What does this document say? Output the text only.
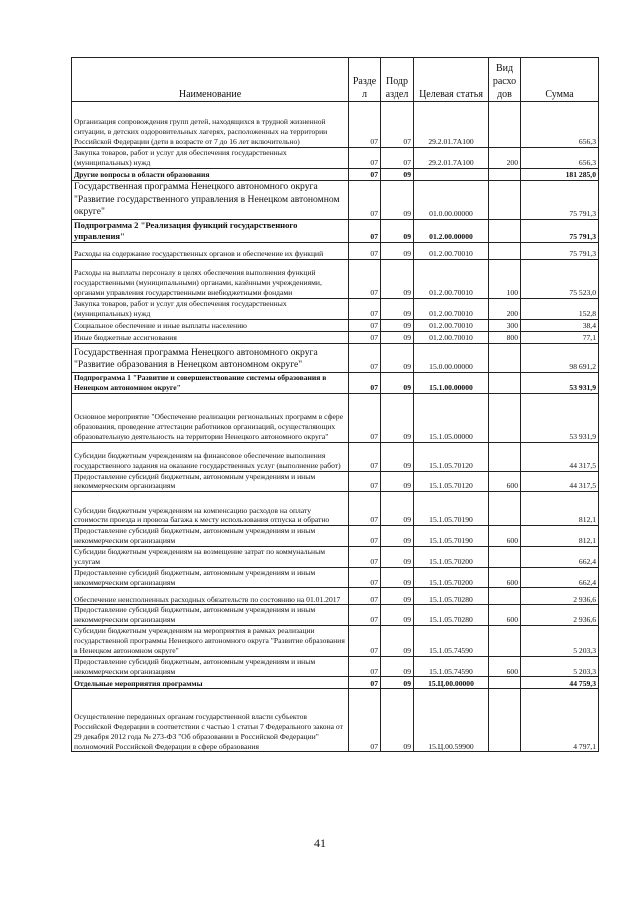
Наименование	Разде л	Подр аздел	Целевая статья	Вид расхо дов	Сумма
Организация сопровождения групп детей, находящихся в трудной жизненной ситуации, в детских оздоровительных лагерях, расположенных на территории Российской Федерации (дети в возрасте от 7 до 16 лет включительно)	07	07	29.2.01.7А100		656,3
Закупка товаров, работ и услуг для обеспечения государственных (муниципальных) нужд	07	07	29.2.01.7А100	200	656,3
Другие вопросы в области образования	07	09			181 285,0
Государственная программа Ненецкого автономного округа "Развитие государственного управления в Ненецком автономном округе"	07	09	01.0.00.00000		75 791,3
Подпрограмма 2 "Реализация функций государственного управления"	07	09	01.2.00.00000		75 791,3
Расходы на содержание государственных органов и обеспечение их функций	07	09	01.2.00.70010		75 791,3
Расходы на выплаты персоналу в целях обеспечения выполнения функций государственными (муниципальными) органами, казёнными учреждениями, органами управления государственными внебюджетными фондами	07	09	01.2.00.70010	100	75 523,0
Закупка товаров, работ и услуг для обеспечения государственных (муниципальных) нужд	07	09	01.2.00.70010	200	152,8
Социальное обеспечение и иные выплаты населению	07	09	01.2.00.70010	300	38,4
Иные бюджетные ассигнования	07	09	01.2.00.70010	800	77,1
Государственная программа Ненецкого автономного округа "Развитие образования в Ненецком автономном округе"	07	09	15.0.00.00000		98 691,2
Подпрограмма 1 "Развитие и совершенствование системы образования в Ненецком автономном округе"	07	09	15.1.00.00000		53 931,9
Основное мероприятие "Обеспечение реализации региональных программ в сфере образования, проведение аттестации работников организаций, осуществляющих образовательную деятельность на территории Ненецкого автономного округа"	07	09	15.1.05.00000		53 931,9
Субсидии бюджетным учреждениям на финансовое обеспечение выполнения государственного задания на оказание государственных услуг (выполнение работ)	07	09	15.1.05.70120		44 317,5
Предоставление субсидий бюджетным, автономным учреждениям и иным некоммерческим организациям	07	09	15.1.05.70120	600	44 317,5
Субсидии бюджетным учреждениям на компенсацию расходов на оплату стоимости проезда и провоза багажа к месту использования отпуска и обратно	07	09	15.1.05.70190		812,1
Предоставление субсидий бюджетным, автономным учреждениям и иным некоммерческим организациям	07	09	15.1.05.70190	600	812,1
Субсидии бюджетным учреждениям на возмещение затрат по коммунальным услугам	07	09	15.1.05.70200		662,4
Предоставление субсидий бюджетным, автономным учреждениям и иным некоммерческим организациям	07	09	15.1.05.70200	600	662,4
Обеспечение неисполненных расходных обязательств по состоянию на 01.01.2017	07	09	15.1.05.70280		2 936,6
Предоставление субсидий бюджетным, автономным учреждениям и иным некоммерческим организациям	07	09	15.1.05.70280	600	2 936,6
Субсидии бюджетным учреждениям на мероприятия в рамках реализации государственной программы Ненецкого автономного округа "Развитие образования в Ненецком автономном округе"	07	09	15.1.05.74590		5 203,3
Предоставление субсидий бюджетным, автономным учреждениям и иным некоммерческим организациям	07	09	15.1.05.74590	600	5 203,3
Отдельные мероприятия программы	07	09	15.Ц.00.00000		44 759,3
Осуществление переданных органам государственной власти субъектов Российской Федерации в соответствии с частью 1 статьи 7 Федерального закона от 29 декабря 2012 года № 273-ФЗ "Об образовании в Российской Федерации" полномочий Российской Федерации в сфере образования	07	09	15.Ц.00.59900		4 797,1
41
